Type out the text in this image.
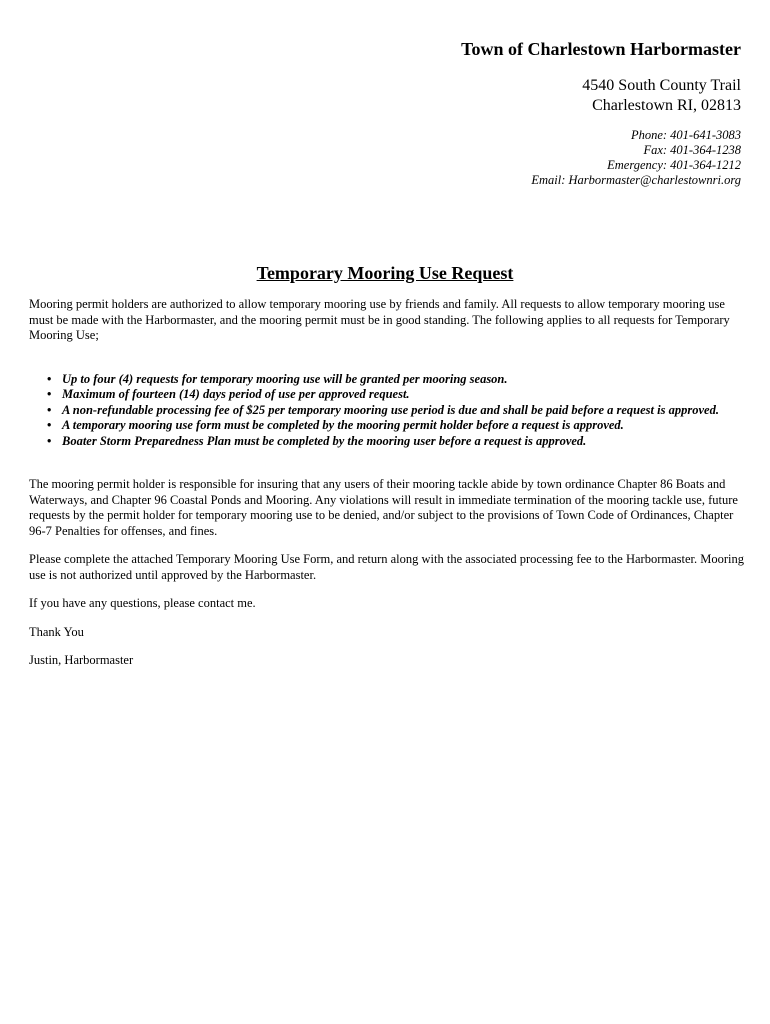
Town of Charlestown Harbormaster
4540 South County Trail
Charlestown RI, 02813
Phone: 401-641-3083
Fax: 401-364-1238
Emergency: 401-364-1212
Email: Harbormaster@charlestownri.org
Temporary Mooring Use Request

Mooring permit holders are authorized to allow temporary mooring use by friends and family. All requests to allow temporary mooring use must be made with the Harbormaster, and the mooring permit must be in good standing. The following applies to all requests for Temporary Mooring Use;

• Up to four (4) requests for temporary mooring use will be granted per mooring season.
• Maximum of fourteen (14) days period of use per approved request.
• A non-refundable processing fee of $25 per temporary mooring use period is due and shall be paid before a request is approved.
• A temporary mooring use form must be completed by the mooring permit holder before a request is approved.
• Boater Storm Preparedness Plan must be completed by the mooring user before a request is approved.

The mooring permit holder is responsible for insuring that any users of their mooring tackle abide by town ordinance Chapter 86 Boats and Waterways, and Chapter 96 Coastal Ponds and Mooring. Any violations will result in immediate termination of the mooring tackle use, future requests by the permit holder for temporary mooring use to be denied, and/or subject to the provisions of Town Code of Ordinances, Chapter 96-7 Penalties for offenses, and fines.

Please complete the attached Temporary Mooring Use Form, and return along with the associated processing fee to the Harbormaster. Mooring use is not authorized until approved by the Harbormaster.

If you have any questions, please contact me.

Thank You

Justin, Harbormaster
